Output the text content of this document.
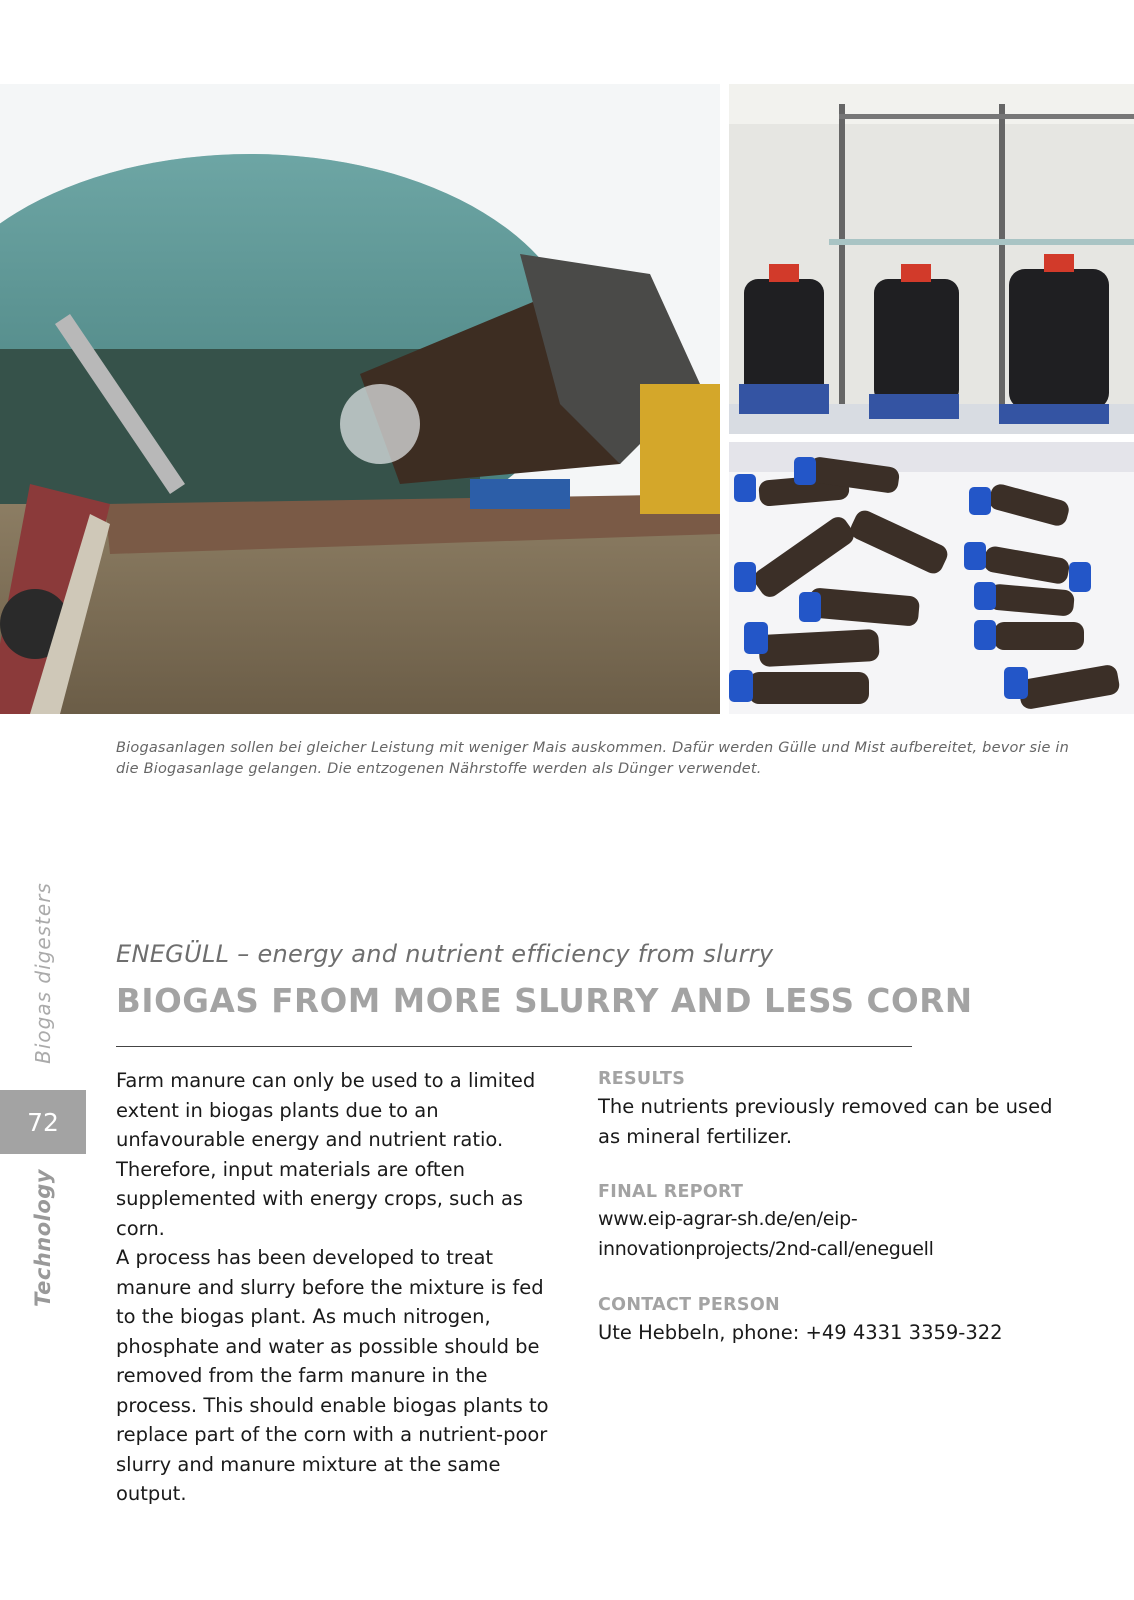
Biogasanlagen sollen bei gleicher Leistung mit weniger Mais auskommen. Dafür werden Gülle und Mist aufbereitet, bevor sie in die Biogasanlage gelangen. Die entzogenen Nährstoffe werden als Dünger verwendet.
Biogas digesters
72
Technology
ENEGÜLL – energy and nutrient efficiency from slurry
BIOGAS FROM MORE SLURRY AND LESS CORN

Farm manure can only be used to a limited extent in biogas plants due to an unfavourable energy and nutrient ratio. Therefore, input materials are often supplemented with energy crops, such as corn.

A process has been developed to treat manure and slurry before the mixture is fed to the biogas plant. As much nitrogen, phosphate and water as possible should be removed from the farm manure in the process. This should enable biogas plants to replace part of the corn with a nutrient-poor slurry and manure mixture at the same output.

RESULTS
The nutrients previously removed can be used as mineral fertilizer.
FINAL REPORT
www.eip-agrar-sh.de/en/eip-innovationprojects/2nd-call/eneguell
CONTACT PERSON
Ute Hebbeln, phone: +49 4331 3359-322
